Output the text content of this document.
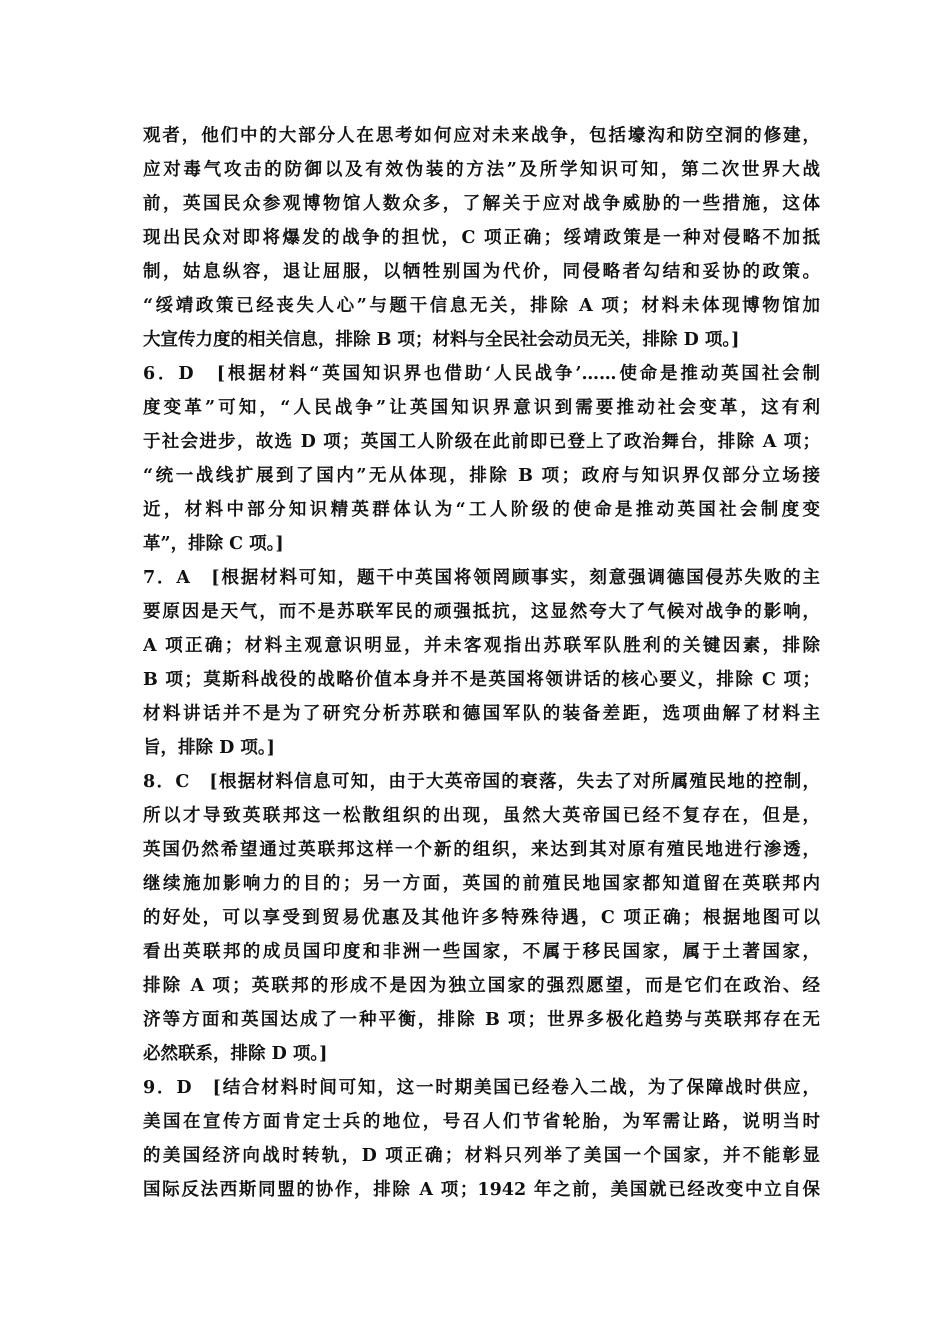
观者，他们中的大部分人在思考如何应对未来战争，包括壕沟和防空洞的修建，
应对毒气攻击的防御以及有效伪装的方法”及所学知识可知，第二次世界大战
前，英国民众参观博物馆人数众多，了解关于应对战争威胁的一些措施，这体
现出民众对即将爆发的战争的担忧，C 项正确；绥靖政策是一种对侵略不加抵
制，姑息纵容，退让屈服，以牺牲别国为代价，同侵略者勾结和妥协的政策。
“绥靖政策已经丧失人心”与题干信息无关，排除 A 项；材料未体现博物馆加
大宣传力度的相关信息，排除 B 项；材料与全民社会动员无关，排除 D 项。]
6．D　[根据材料“英国知识界也借助‘人民战争’……使命是推动英国社会制
度变革”可知，“人民战争”让英国知识界意识到需要推动社会变革，这有利
于社会进步，故选 D 项；英国工人阶级在此前即已登上了政治舞台，排除 A 项；
“统一战线扩展到了国内”无从体现，排除 B 项；政府与知识界仅部分立场接
近，材料中部分知识精英群体认为“工人阶级的使命是推动英国社会制度变
革”，排除 C 项。]
7．A　[根据材料可知，题干中英国将领罔顾事实，刻意强调德国侵苏失败的主
要原因是天气，而不是苏联军民的顽强抵抗，这显然夸大了气候对战争的影响，
A 项正确；材料主观意识明显，并未客观指出苏联军队胜利的关键因素，排除
B 项；莫斯科战役的战略价值本身并不是英国将领讲话的核心要义，排除 C 项；
材料讲话并不是为了研究分析苏联和德国军队的装备差距，选项曲解了材料主
旨，排除 D 项。]
8．C　[根据材料信息可知，由于大英帝国的衰落，失去了对所属殖民地的控制，
所以才导致英联邦这一松散组织的出现，虽然大英帝国已经不复存在，但是，
英国仍然希望通过英联邦这样一个新的组织，来达到其对原有殖民地进行渗透，
继续施加影响力的目的；另一方面，英国的前殖民地国家都知道留在英联邦内
的好处，可以享受到贸易优惠及其他许多特殊待遇，C 项正确；根据地图可以
看出英联邦的成员国印度和非洲一些国家，不属于移民国家，属于土著国家，
排除 A 项；英联邦的形成不是因为独立国家的强烈愿望，而是它们在政治、经
济等方面和英国达成了一种平衡，排除 B 项；世界多极化趋势与英联邦存在无
必然联系，排除 D 项。]
9．D　[结合材料时间可知，这一时期美国已经卷入二战，为了保障战时供应，
美国在宣传方面肯定士兵的地位，号召人们节省轮胎，为军需让路，说明当时
的美国经济向战时转轨，D 项正确；材料只列举了美国一个国家，并不能彰显
国际反法西斯同盟的协作，排除 A 项；1942 年之前，美国就已经改变中立自保
